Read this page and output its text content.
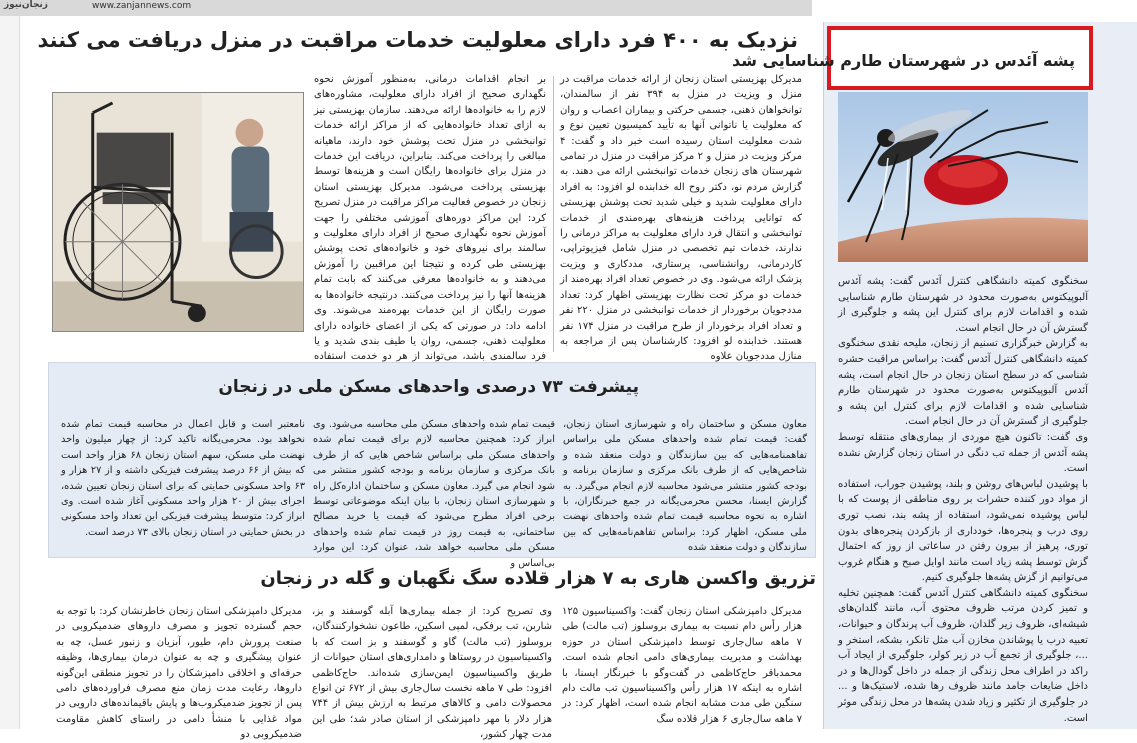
زنجان‌نیوز	www.zanjannews.com
پشه آئدس در شهرستان طارم شناسایی شد

سخنگوی کمیته دانشگاهی کنترل آئدس گفت: پشه آئدس آلبوپیکتوس به‌صورت محدود در شهرستان طارم شناسایی شده و اقدامات لازم برای کنترل این پشه و جلوگیری از گسترش آن در حال انجام است.

به گزارش خبرگزاری تسنیم از زنجان، ملیحه نقدی سخنگوی کمیته دانشگاهی کنترل آئدس گفت: براساس مراقبت حشره شناسی که در سطح استان زنجان در حال انجام است، پشه آئدس آلبوپیکتوس به‌صورت محدود در شهرستان طارم شناسایی شده و اقدامات لازم برای کنترل این پشه و جلوگیری از گسترش آن در حال انجام است.

وی گفت: تاکنون هیچ موردی از بیماری‌های منتقله توسط پشه آئدس از جمله تب دنگی در استان زنجان گزارش نشده است.

با پوشیدن لباس‌های روشن و بلند، پوشیدن جوراب، استفاده از مواد دور کننده حشرات بر روی مناطقی از پوست که با لباس پوشیده نمی‌شود، استفاده از پشه بند، نصب توری روی درب و پنجره‌ها، خودداری از بازکردن پنجره‌های بدون توری، پرهیز از بیرون رفتن در ساعاتی از روز که احتمال گزش توسط پشه زیاد است مانند اوایل صبح و هنگام غروب می‌توانیم از گزش پشه‌ها جلوگیری کنیم.

سخنگوی کمیته دانشگاهی کنترل آئدس گفت: همچنین تخلیه و تمیز کردن مرتب ظروف محتوی آب، مانند گلدان‌های شیشه‌ای، ظروف زیر گلدان، ظروف آب پرندگان و حیوانات، تعبیه درب یا پوشاندن مخازن آب مثل تانکر، بشکه، استخر و ...، جلوگیری از تجمع آب در زیر کولر، جلوگیری از ایجاد آب راکد در اطراف محل زندگی از جمله در داخل گودال‌ها و در داخل ضایعات جامد مانند ظروف رها شده، لاستیک‌ها و ... در جلوگیری از تکثیر و زیاد شدن پشه‌ها در محل زندگی موثر است.

نزدیک به ۴۰۰ فرد دارای معلولیت خدمات مراقبت در منزل دریافت می کنند
مدیرکل بهزیستی استان زنجان از ارائه خدمات مراقبت در منزل و ویزیت در منزل به ۳۹۴ نفر از سالمندان، توانخواهان ذهنی، جسمی حرکتی و بیماران اعصاب و روان که معلولیت یا ناتوانی آنها به تأیید کمیسیون تعیین نوع و شدت معلولیت استان رسیده است خبر داد و گفت: ۴ مرکز ویزیت در منزل و ۲ مرکز مراقبت در منزل در تمامی شهرستان های زنجان خدمات توانبخشی ارائه می دهند. به گزارش مردم نو، دکتر روح اله خدابنده لو افزود: به افراد دارای معلولیت شدید و خیلی شدید تحت پوشش بهزیستی که توانایی پرداخت هزینه‌های بهره‌مندی از خدمات توانبخشی و انتقال فرد دارای معلولیت به مراکز درمانی را ندارند، خدمات تیم تخصصی در منزل شامل فیزیوتراپی، کاردرمانی، روانشناسی، پرستاری، مددکاری و ویزیت پزشک ارائه می‌شود. وی در خصوص تعداد افراد بهره‌مند از خدمات دو مرکز تحت نظارت بهزیستی اظهار کرد: تعداد مددجویان برخوردار از خدمات توانبخشی در منزل ۲۲۰ نفر و تعداد افراد برخوردار از طرح مراقبت در منزل ۱۷۴ نفر هستند. خدابنده لو افزود: کارشناسان پس از مراجعه به منازل مددجویان علاوه
بر انجام اقدامات درمانی، به‌منظور آموزش نحوه نگهداری صحیح از افراد دارای معلولیت، مشاوره‌های لازم را به خانواده‌ها ارائه می‌دهند. سازمان بهزیستی نیز به ازای تعداد خانواده‌هایی که از مراکز ارائه خدمات توانبخشی در منزل تحت پوشش خود دارند، ماهیانه مبالغی را پرداخت می‌کند. بنابراین، دریافت این خدمات در منزل برای خانواده‌ها رایگان است و هزینه‌ها توسط بهزیستی پرداخت می‌شود. مدیرکل بهزیستی استان زنجان در خصوص فعالیت مراکز مراقبت در منزل تصریح کرد: این مراکز دوره‌های آموزشی مختلفی را جهت آموزش نحوه نگهداری صحیح از افراد دارای معلولیت و سالمند برای نیروهای خود و خانواده‌های تحت پوشش بهزیستی طی کرده و نتیجتا این مراقبین را آموزش می‌دهند و به خانواده‌ها معرفی می‌کنند که بابت تمام هزینه‌ها آنها را نیز پرداخت می‌کنند. درنتیجه خانواده‌ها به صورت رایگان از این خدمات بهره‌مند می‌شوند. وی ادامه داد: در صورتی که یکی از اعضای خانواده دارای معلولیت ذهنی، جسمی، روان یا طیف بندی شدید و یا فرد سالمندی باشد، می‌تواند از هر دو خدمت استفاده
پیشرفت ۷۳ درصدی واحدهای مسکن ملی در زنجان
معاون مسکن و ساختمان راه و شهرسازی استان زنجان، گفت: قیمت تمام شده واحدهای مسکن ملی براساس تفاهمنامه‌هایی که بین سازندگان و دولت منعقد شده و شاخص‌هایی که از طرف بانک مرکزی و سازمان برنامه و بودجه کشور منتشر می‌شود محاسبه لازم انجام می‌گیرد. به گزارش ایسنا، محسن محرمی‌یگانه در جمع خبرنگاران، با اشاره به نحوه محاسبه قیمت تمام شده واحدهای نهضت ملی مسکن، اظهار کرد: براساس تفاهم‌نامه‌هایی که بین سازندگان و دولت منعقد شده
قیمت تمام شده واحدهای مسکن ملی محاسبه می‌شود. وی ابراز کرد: همچنین محاسبه لازم برای قیمت تمام شده واحدهای مسکن ملی براساس شاخص هایی که از طرف بانک مرکزی و سازمان برنامه و بودجه کشور منتشر می شود انجام می گیرد. معاون مسکن و ساختمان اداره‌کل راه و شهرسازی استان زنجان، با بیان اینکه موضوعاتی توسط برخی افراد مطرح می‌شود که قیمت یا خرید مصالح ساختمانی، به قیمت روز در قیمت تمام شده واحدهای مسکن ملی محاسبه خواهد شد، عنوان کرد: این موارد بی‌اساس و
نامعتبر است و قابل اعمال در محاسبه قیمت تمام شده نخواهد بود. محرمی‌یگانه تاکید کرد: از چهار میلیون واحد نهضت ملی مسکن، سهم استان زنجان ۶۸ هزار واحد است که بیش از ۶۶ درصد پیشرفت فیزیکی داشته و از ۲۷ هزار و ۶۳ واحد مسکونی حمایتی که برای استان زنجان تعیین شده، اجرای بیش از ۲۰ هزار واحد مسکونی آغاز شده است. وی ابراز کرد: متوسط پیشرفت فیزیکی این تعداد واحد مسکونی در بخش حمایتی در استان زنجان بالای ۷۳ درصد است.
تزریق واکسن هاری به ۷ هزار قلاده سگ نگهبان و گله در زنجان
مدیرکل دامپزشکی استان زنجان گفت: واکسیناسیون ۱۲۵ هزار رأس دام نسبت به بیماری بروسلوز (تب مالت) طی ۷ ماهه سال‌جاری توسط دامپزشکی استان در حوزه بهداشت و مدیریت بیماری‌های دامی انجام شده است. محمدباقر حاج‌کاظمی در گفت‌وگو با خبرنگار ایسنا، با اشاره به اینکه ۱۷ هزار رأس واکسیناسیون تب مالت دام سنگین طی مدت مشابه انجام شده است، اظهار کرد: در ۷ ماهه سال‌جاری ۶ هزار قلاده سگ
وی تصریح کرد: از جمله بیماری‌ها آبله گوسفند و بز، شاربن، تب برفکی، لمپی اسکین، طاعون نشخوارکنندگان، بروسلوز (تب مالت) گاو و گوسفند و بز است که با واکسیناسیون در روستاها و دامداری‌های استان حیوانات از طریق واکسیناسیون ایمن‌سازی شده‌اند. حاج‌کاظمی افزود: طی ۷ ماهه نخست سال‌جاری بیش از ۶۷۲ تن انواع محصولات دامی و کالاهای مرتبط به ارزش بیش از ۷۴۴ هزار دلار با مهر دامپزشکی از استان صادر شد؛ طی این مدت چهار کشور،
مدیرکل دامپزشکی استان زنجان خاطرنشان کرد: با توجه به حجم گسترده تجویز و مصرف داروهای ضدمیکروبی در صنعت پرورش دام، طیور، آبزیان و زنبور عسل، چه به عنوان پیشگیری و چه به عنوان درمان بیماری‌ها، وظیفه حرفه‌ای و اخلاقی دامپزشکان را در تجویز منطقی این‌گونه داروها، رعایت مدت زمان منع مصرف فراورده‌های دامی پس از تجویز ضدمیکروب‌ها و پایش باقیمانده‌های دارویی در مواد غذایی با منشأ دامی در راستای کاهش مقاومت ضدمیکروبی دو
